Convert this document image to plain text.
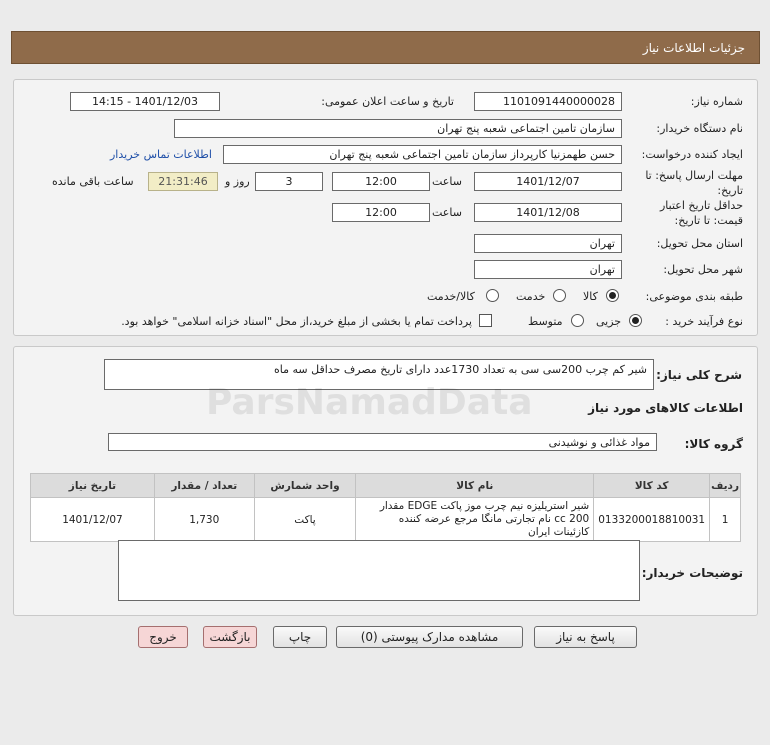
جزئیات اطلاعات نیاز
شماره نیاز:
1101091440000028
تاریخ و ساعت اعلان عمومی:
1401/12/03 - 14:15
نام دستگاه خریدار:
سازمان تامین اجتماعی شعبه پنج تهران
ایجاد کننده درخواست:
حسن طهمزنیا کارپرداز سازمان تامین اجتماعی شعبه پنج تهران
اطلاعات تماس خریدار
مهلت ارسال پاسخ: تا تاریخ:
1401/12/07
ساعت
12:00
3
روز و
21:31:46
ساعت باقی مانده
حداقل تاریخ اعتبار قیمت: تا تاریخ:
1401/12/08
ساعت
12:00
استان محل تحویل:
تهران
شهر محل تحویل:
تهران
طبقه بندی موضوعی:
کالا
خدمت
کالا/خدمت
نوع فرآیند خرید :
جزیی
متوسط
پرداخت تمام یا بخشی از مبلغ خرید،از محل "اسناد خزانه اسلامی" خواهد بود.
شرح کلی نیاز:
شیر کم چرب 200سی سی به تعداد 1730عدد دارای تاریخ مصرف حداقل سه ماه
اطلاعات کالاهای مورد نیاز
گروه کالا:
مواد غذائی و نوشیدنی
ردیف	کد کالا	نام کالا	واحد شمارش	تعداد / مقدار	تاریخ نیاز
1	0133200018810031	شیر استریلیزه نیم چرب موز پاکت EDGE مقدار 200 cc نام تجارتی مانگا مرجع عرضه کننده کازئینات ایران	پاکت	1,730	1401/12/07
توضیحات خریدار:
پاسخ به نیاز
مشاهده مدارک پیوستی (0)
چاپ
بازگشت
خروج
